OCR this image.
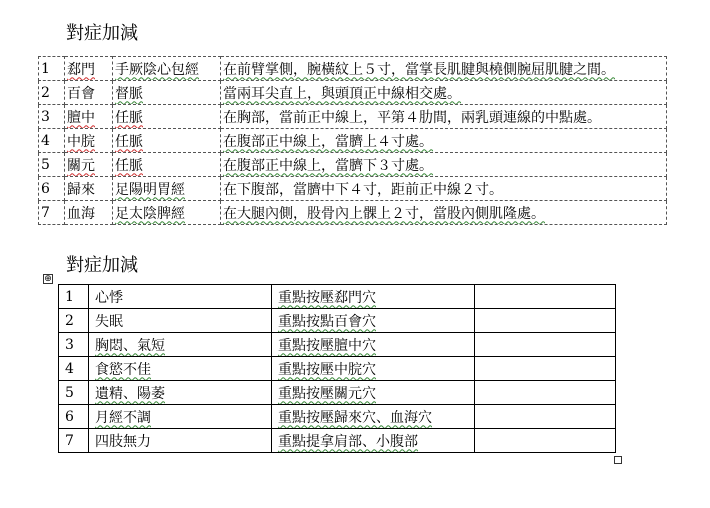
對症加減
1	郄門	手厥陰心包經	在前臂掌側，腕橫紋上５寸，當掌長肌腱與橈側腕屈肌腱之間。
2	百會	督脈	當兩耳尖直上，與頭頂正中線相交處。
3	膻中	任脈	在胸部，當前正中線上，平第４肋間，兩乳頭連線的中點處。
4	中脘	任脈	在腹部正中線上，當臍上４寸處。
5	關元	任脈	在腹部正中線上，當臍下３寸處。
6	歸來	足陽明胃經	在下腹部，當臍中下４寸，距前正中線２寸。
7	血海	足太陰脾經	在大腿內側，股骨內上髁上２寸，當股內側肌隆處。
對症加減
⊕
1	心悸	重點按壓郄門穴	
2	失眠	重點按點百會穴	
3	胸悶、氣短	重點按壓膻中穴	
4	食慾不佳	重點按壓中脘穴	
5	遺精、陽萎	重點按壓關元穴	
6	月經不調	重點按壓歸來穴、血海穴	
7	四肢無力	重點提拿肩部、小腹部	
